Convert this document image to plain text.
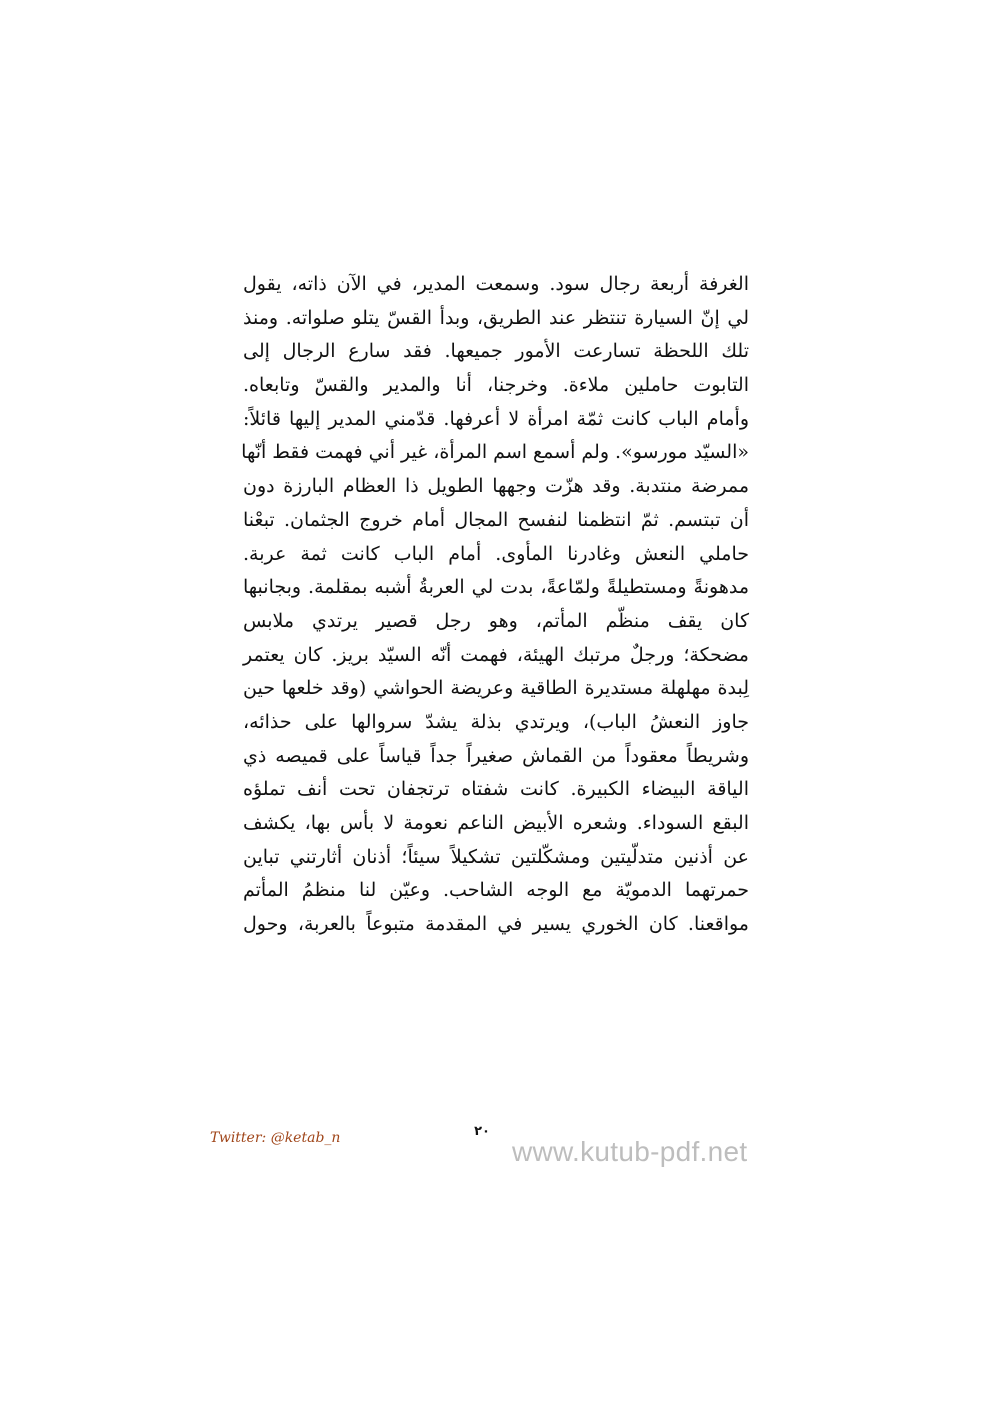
الغرفة أربعة رجال سود. وسمعت المدير، في الآن ذاته، يقول
لي إنّ السيارة تنتظر عند الطريق، وبدأ القسّ يتلو صلواته. ومنذ
تلك اللحظة تسارعت الأمور جميعها. فقد سارع الرجال إلى
التابوت حاملين ملاءة. وخرجنا، أنا والمدير والقسّ وتابعاه.
وأمام الباب كانت ثمّة امرأة لا أعرفها. قدّمني المدير إليها قائلاً:
«السيّد مورسو». ولم أسمع اسم المرأة، غير أني فهمت فقط أنّها
ممرضة منتدبة. وقد هزّت وجهها الطويل ذا العظام البارزة دون
أن تبتسم. ثمّ انتظمنا لنفسح المجال أمام خروج الجثمان. تبعْنا
حاملي النعش وغادرنا المأوى. أمام الباب كانت ثمة عربة.
مدهونةً ومستطيلةً ولمّاعةً، بدت لي العربةُ أشبه بمقلمة. وبجانبها
كان يقف منظّم المأتم، وهو رجل قصير يرتدي ملابس
مضحكة؛ ورجلٌ مرتبك الهيئة، فهمت أنّه السيّد بريز. كان يعتمر
لِبدة مهلهلة مستديرة الطاقية وعريضة الحواشي (وقد خلعها حين
جاوز النعشُ الباب)، ويرتدي بذلة يشدّ سروالها على حذائه،
وشريطاً معقوداً من القماش صغيراً جداً قياساً على قميصه ذي
الياقة البيضاء الكبيرة. كانت شفتاه ترتجفان تحت أنف تملؤه
البقع السوداء. وشعره الأبيض الناعم نعومة لا بأس بها، يكشف
عن أذنين متدلّيتين ومشكّلتين تشكيلاً سيئاً؛ أذنان أثارتني تباين
حمرتهما الدمويّة مع الوجه الشاحب. وعيّن لنا منظمُ المأتم
مواقعنا. كان الخوري يسير في المقدمة متبوعاً بالعربة، وحول
Twitter: @ketab_n	٢٠
www.kutub-pdf.net
